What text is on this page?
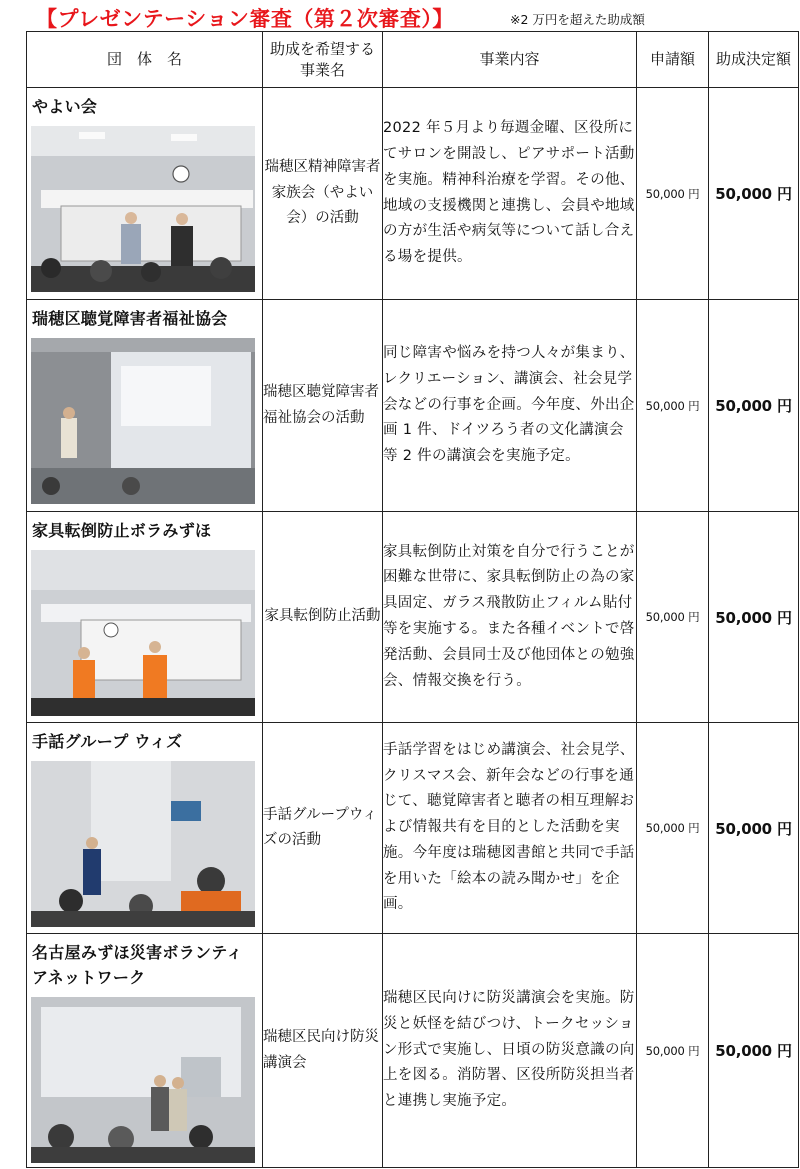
【プレゼンテーション審査（第２次審査）】	※2 万円を超えた助成額
団　体　名	助成を希望する事業名	事業内容	申請額	助成決定額

やよい会	瑞穂区精神障害者家族会（やよい会）の活動	2022 年５月より毎週金曜、区役所にてサロンを開設し、ピアサポート活動を実施。精神科治療を学習。その他、地域の支援機関と連携し、会員や地域の方が生活や病気等について話し合える場を提供。	50,000 円	50,000 円

瑞穂区聴覚障害者福祉協会	瑞穂区聴覚障害者福祉協会の活動	同じ障害や悩みを持つ人々が集まり、レクリエーション、講演会、社会見学会などの行事を企画。今年度、外出企画 1 件、ドイツろう者の文化講演会等 2 件の講演会を実施予定。	50,000 円	50,000 円

家具転倒防止ボラみずほ	家具転倒防止活動	家具転倒防止対策を自分で行うことが困難な世帯に、家具転倒防止の為の家具固定、ガラス飛散防止フィルム貼付等を実施する。また各種イベントで啓発活動、会員同士及び他団体との勉強会、情報交換を行う。	50,000 円	50,000 円

手話グループ ウィズ	手話グループウィズの活動	手話学習をはじめ講演会、社会見学、クリスマス会、新年会などの行事を通じて、聴覚障害者と聴者の相互理解および情報共有を目的とした活動を実施。今年度は瑞穂図書館と共同で手話を用いた「絵本の読み聞かせ」を企画。	50,000 円	50,000 円

名古屋みずほ災害ボランティアネットワーク	瑞穂区民向け防災講演会	瑞穂区民向けに防災講演会を実施。防災と妖怪を結びつけ、トークセッション形式で実施し、日頃の防災意識の向上を図る。消防署、区役所防災担当者と連携し実施予定。	50,000 円	50,000 円
